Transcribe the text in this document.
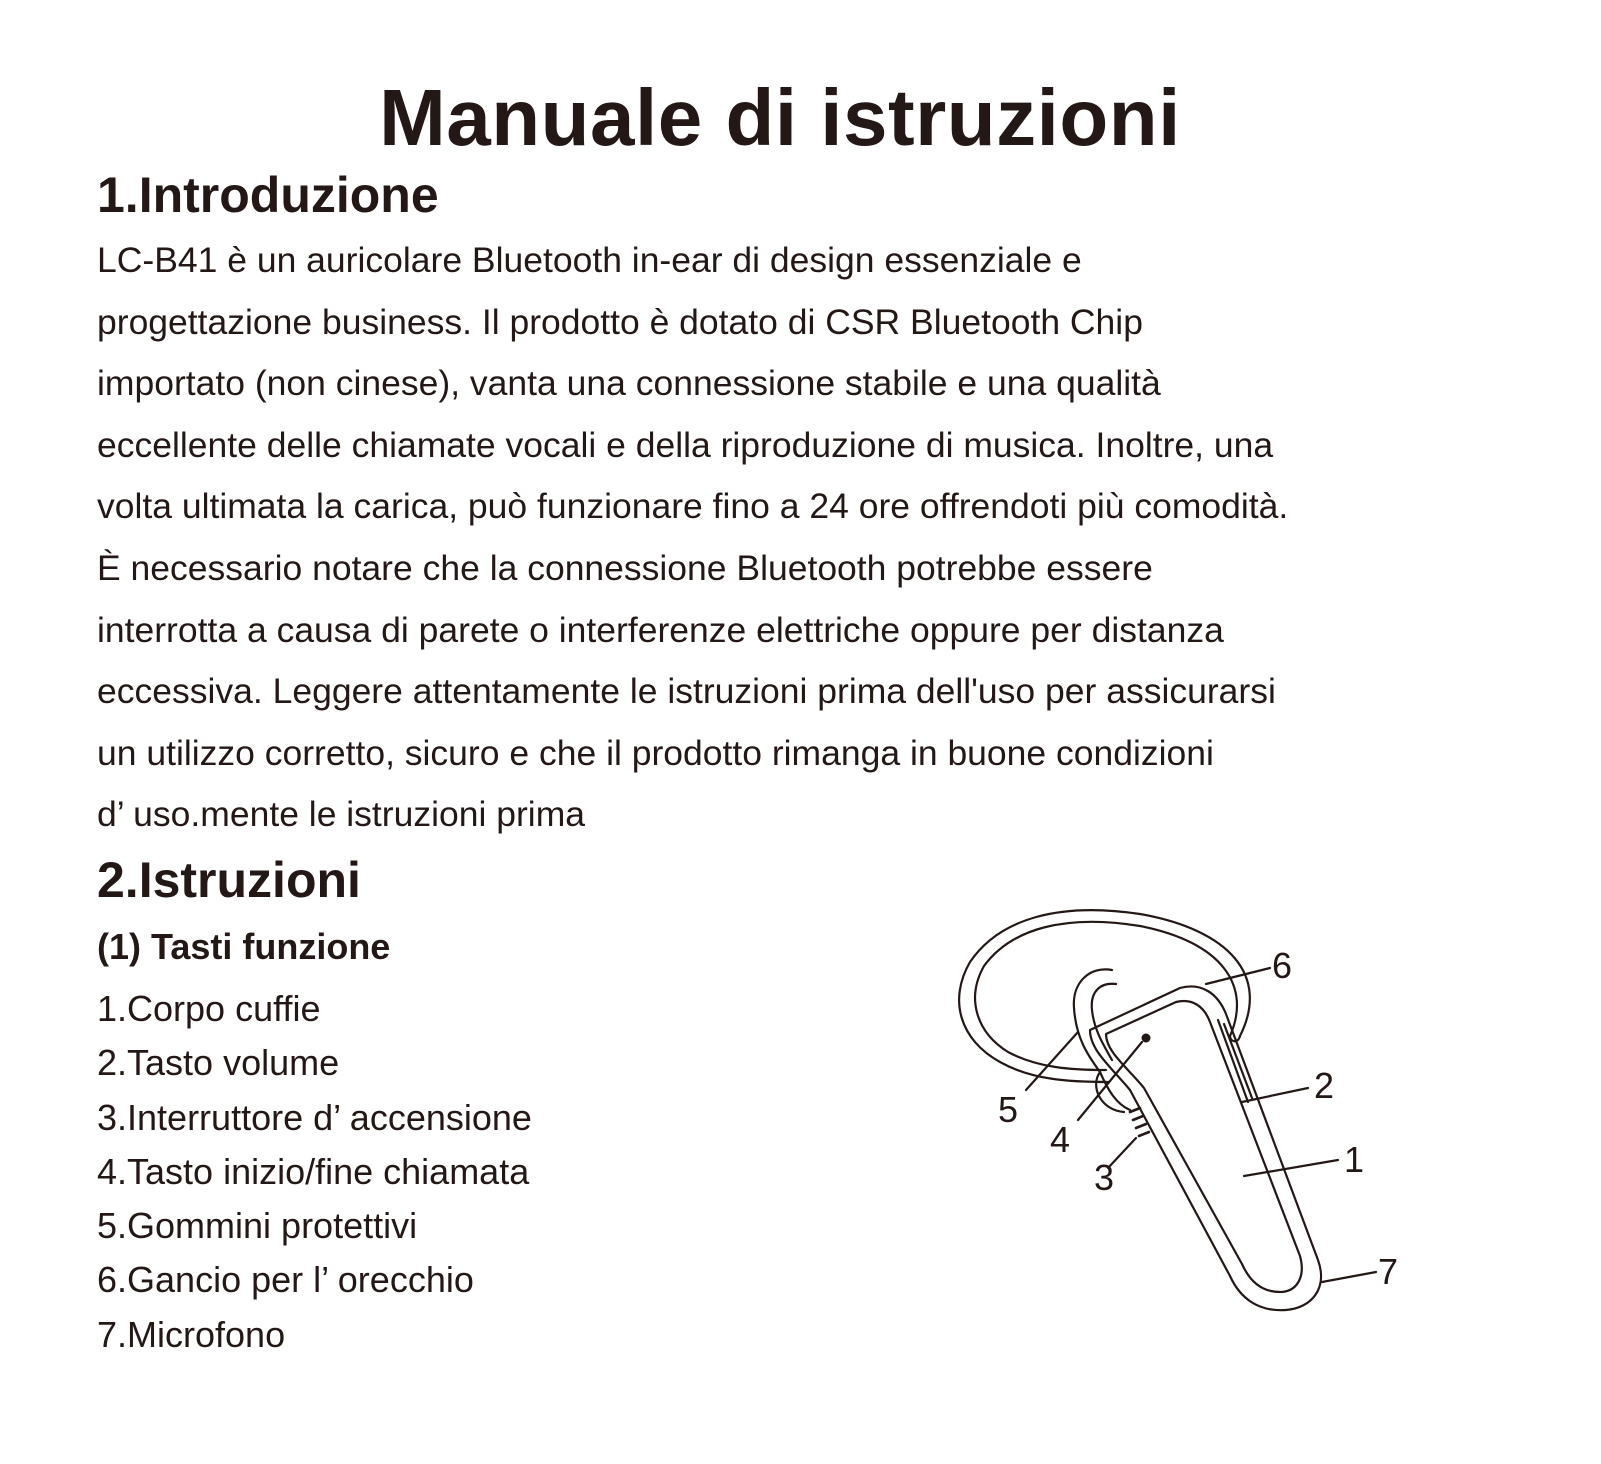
Manuale di istruzioni
1.Introduzione

LC-B41 è un auricolare Bluetooth in-ear di design essenziale e
progettazione business. Il prodotto è dotato di CSR Bluetooth Chip
importato (non cinese), vanta una connessione stabile e una qualità
eccellente delle chiamate vocali e della riproduzione di musica. Inoltre, una
volta ultimata la carica, può funzionare fino a 24 ore offrendoti più comodità.
È necessario notare che la connessione Bluetooth potrebbe essere
interrotta a causa di parete o interferenze elettriche oppure per distanza
eccessiva. Leggere attentamente le istruzioni prima dell'uso per assicurarsi
un utilizzo corretto, sicuro e che il prodotto rimanga in buone condizioni
d’ uso.mente le istruzioni prima

2.Istruzioni
(1) Tasti funzione
1.Corpo cuffie
2.Tasto volume
3.Interruttore d’ accensione
4.Tasto inizio/fine chiamata
5.Gommini protettivi
6.Gancio per l’ orecchio
7.Microfono
1
2
3
4
5
6
7
